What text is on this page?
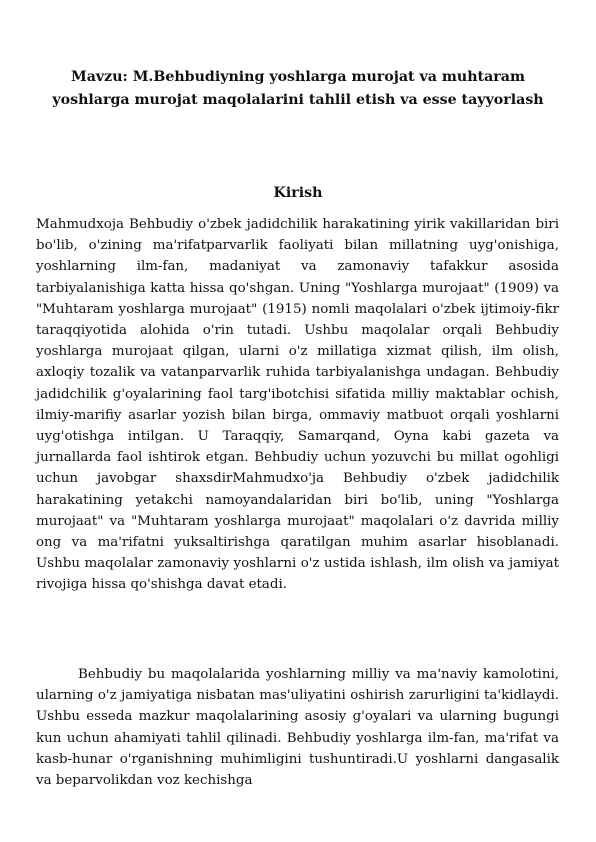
Mavzu: M.Behbudiyning yoshlarga murojat va muhtaram
yoshlarga murojat maqolalarini tahlil etish va esse tayyorlash
Kirish

Mahmudxoja Behbudiy o'zbek jadidchilik harakatining yirik vakillaridan biri bo'lib, o'zining ma'rifatparvarlik faoliyati bilan millatning uyg'onishiga, yoshlarning ilm-fan, madaniyat va zamonaviy tafakkur asosida tarbiyalanishiga katta hissa qo'shgan. Uning "Yoshlarga murojaat" (1909) va "Muhtaram yoshlarga murojaat" (1915) nomli maqolalari o'zbek ijtimoiy-fikr taraqqiyotida alohida o'rin tutadi. Ushbu maqolalar orqali Behbudiy yoshlarga murojaat qilgan, ularni o'z millatiga xizmat qilish, ilm olish, axloqiy tozalik va vatanparvarlik ruhida tarbiyalanishga undagan. Behbudiy jadidchilik g'oyalarining faol targ'ibotchisi sifatida milliy maktablar ochish, ilmiy-marifiy asarlar yozish bilan birga, ommaviy matbuot orqali yoshlarni uyg'otishga intilgan. U Taraqqiy, Samarqand, Oyna kabi gazeta va jurnallarda faol ishtirok etgan. Behbudiy uchun yozuvchi bu millat ogohligi uchun javobgar shaxsdirMahmudxo'ja Behbudiy o'zbek jadidchilik harakatining yetakchi namoyandalaridan biri bo'lib, uning "Yoshlarga murojaat" va "Muhtaram yoshlarga murojaat" maqolalari o'z davrida milliy ong va ma'rifatni yuksaltirishga qaratilgan muhim asarlar hisoblanadi. Ushbu maqolalar zamonaviy yoshlarni o'z ustida ishlash, ilm olish va jamiyat rivojiga hissa qo'shishga davat etadi.

Behbudiy bu maqolalarida yoshlarning milliy va ma'naviy kamolotini, ularning o'z jamiyatiga nisbatan mas'uliyatini oshirish zarurligini ta'kidlaydi. Ushbu esseda mazkur maqolalarining asosiy g'oyalari va ularning bugungi kun uchun ahamiyati tahlil qilinadi. Behbudiy yoshlarga ilm-fan, ma'rifat va kasb-hunar o'rganishning muhimligini tushuntiradi.U yoshlarni dangasalik va beparvolikdan voz kechishga
